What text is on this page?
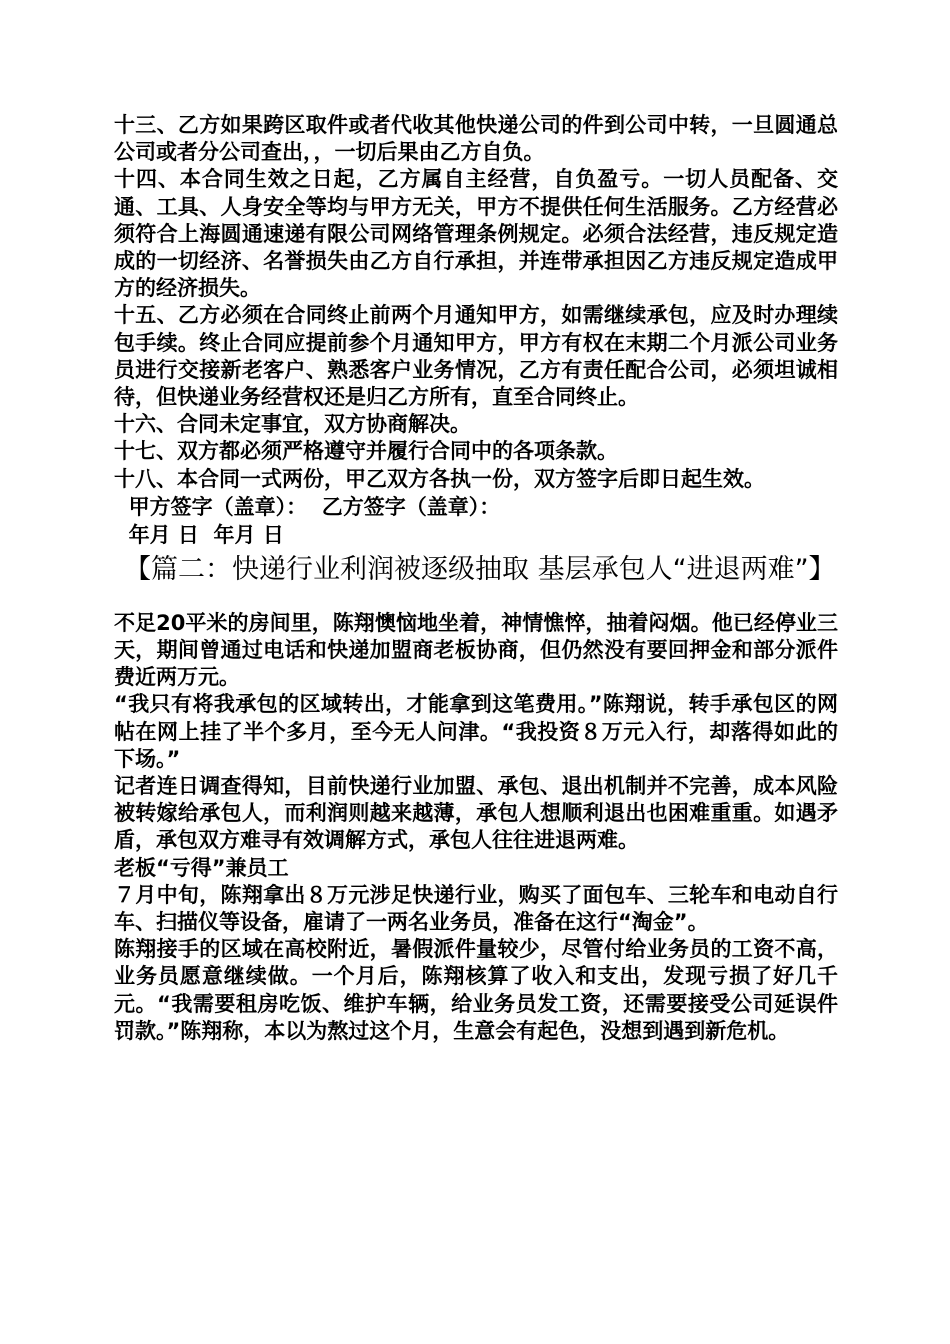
十三、乙方如果跨区取件或者代收其他快递公司的件到公司中转，一旦圆通总公司或者分公司查出，，一切后果由乙方自负。

十四、本合同生效之日起，乙方属自主经营，自负盈亏。一切人员配备、交通、工具、人身安全等均与甲方无关，甲方不提供任何生活服务。乙方经营必须符合上海圆通速递有限公司网络管理条例规定。必须合法经营，违反规定造成的一切经济、名誉损失由乙方自行承担，并连带承担因乙方违反规定造成甲方的经济损失。

十五、乙方必须在合同终止前两个月通知甲方，如需继续承包，应及时办理续包手续。终止合同应提前参个月通知甲方，甲方有权在末期二个月派公司业务员进行交接新老客户、熟悉客户业务情况，乙方有责任配合公司，必须坦诚相待，但快递业务经营权还是归乙方所有，直至合同终止。

十六、合同未定事宜，双方协商解决。

十七、双方都必须严格遵守并履行合同中的各项条款。

十八、本合同一式两份，甲乙双方各执一份，双方签字后即日起生效。

甲方签字（盖章）：  乙方签字（盖章）：

年月 日  年月 日

【篇二：快递行业利润被逐级抽取 基层承包人“进退两难”】

不足20平米的房间里，陈翔懊恼地坐着，神情憔悴，抽着闷烟。他已经停业三天，期间曾通过电话和快递加盟商老板协商，但仍然没有要回押金和部分派件费近两万元。

“我只有将我承包的区域转出，才能拿到这笔费用。”陈翔说，转手承包区的网帖在网上挂了半个多月，至今无人问津。“我投资８万元入行，却落得如此的下场。”

记者连日调查得知，目前快递行业加盟、承包、退出机制并不完善，成本风险被转嫁给承包人，而利润则越来越薄，承包人想顺利退出也困难重重。如遇矛盾，承包双方难寻有效调解方式，承包人往往进退两难。

老板“亏得”兼员工

７月中旬，陈翔拿出８万元涉足快递行业，购买了面包车、三轮车和电动自行车、扫描仪等设备，雇请了一两名业务员，准备在这行“淘金”。

陈翔接手的区域在高校附近，暑假派件量较少，尽管付给业务员的工资不高，业务员愿意继续做。一个月后，陈翔核算了收入和支出，发现亏损了好几千元。“我需要租房吃饭、维护车辆，给业务员发工资，还需要接受公司延误件罚款。”陈翔称，本以为熬过这个月，生意会有起色，没想到遇到新危机。
